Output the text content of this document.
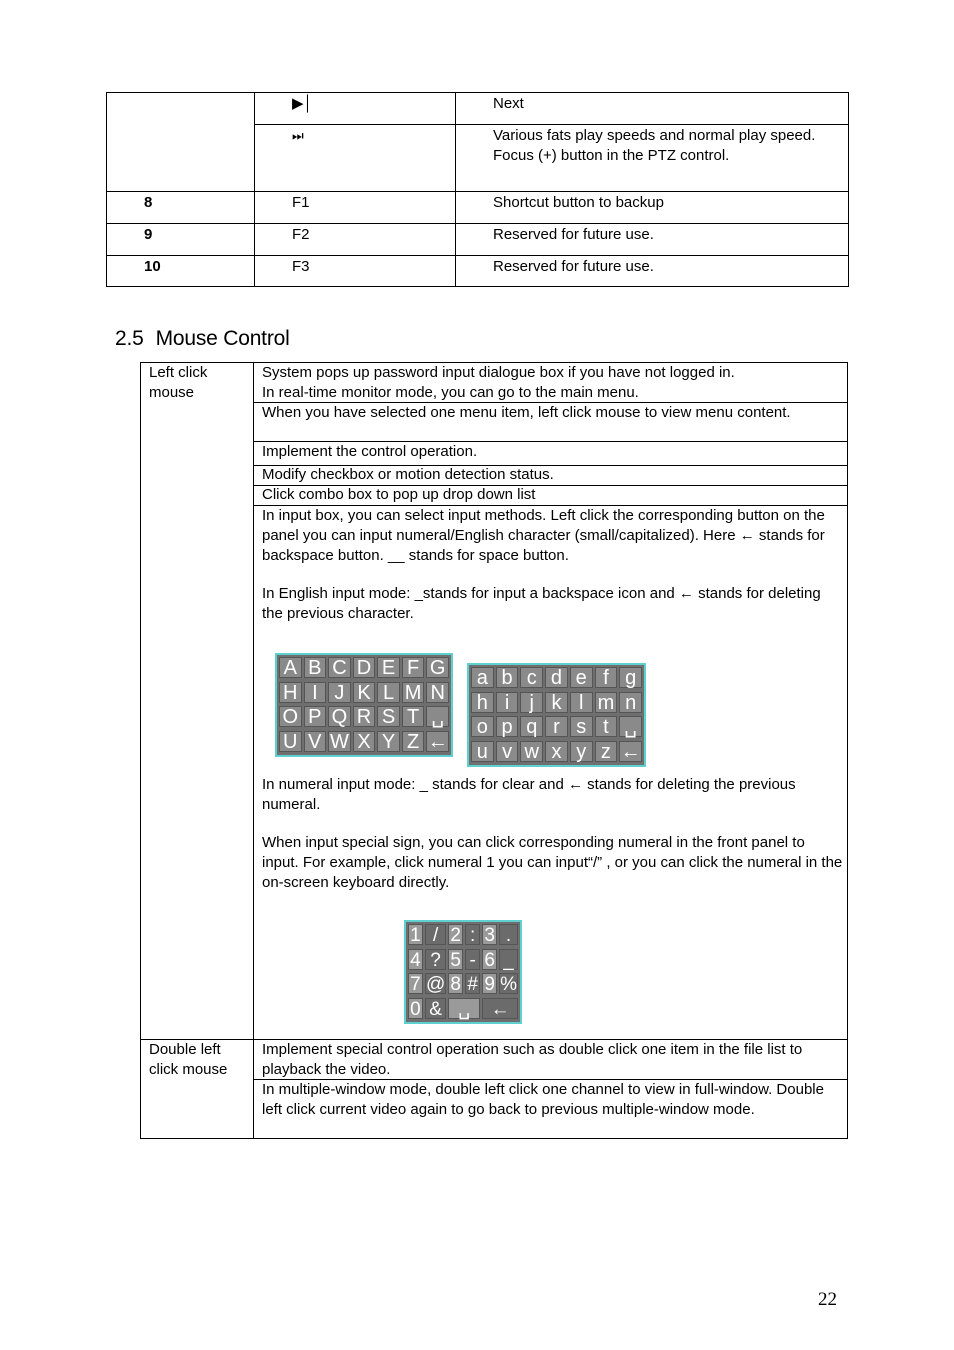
	▶│	Next
	⏭	Various fats play speeds and normal play speed.
Focus (+) button in the PTZ control.

8	F1	Shortcut button to backup
9	F2	Reserved for future use.
10	F3	Reserved for future use.
2.5 Mouse Control
Left click mouse	System pops up password input dialogue box if you have not logged in.
In real-time monitor mode, you can go to the main menu.
	When you have selected one menu item, left click mouse to view menu content.
	Implement the control operation.
	Modify checkbox or motion detection status.
	Click combo box to pop up drop down list

	In input box, you can select input methods. Left click the corresponding button on the panel you can input numeral/English character (small/capitalized). Here ← stands for backspace button. __ stands for space button.

In English input mode: _stands for input a backspace icon and ← stands for deleting the previous character.

In numeral input mode: _ stands for clear and ← stands for deleting the previous numeral.

When input special sign, you can click corresponding numeral in the front panel to input. For example, click numeral 1 you can input“/” , or you can click the numeral in the on-screen keyboard directly.

Double left click mouse	Implement special control operation such as double click one item in the file list to playback the video.
	In multiple-window mode, double left click one channel to view in full-window. Double left click current video again to go back to previous multiple-window mode.
A B C D E F G
H I J K L M N
O P Q R S T ␣
U V W X Y Z ←
a b c d e f g
h i	j k l m n
o p q r s t ␣
u v w x y z ←
1 / 2 : 3 .
4 ? 5 - 6 _
7 @ 8 # 9 %
0 & ␣	←
22
